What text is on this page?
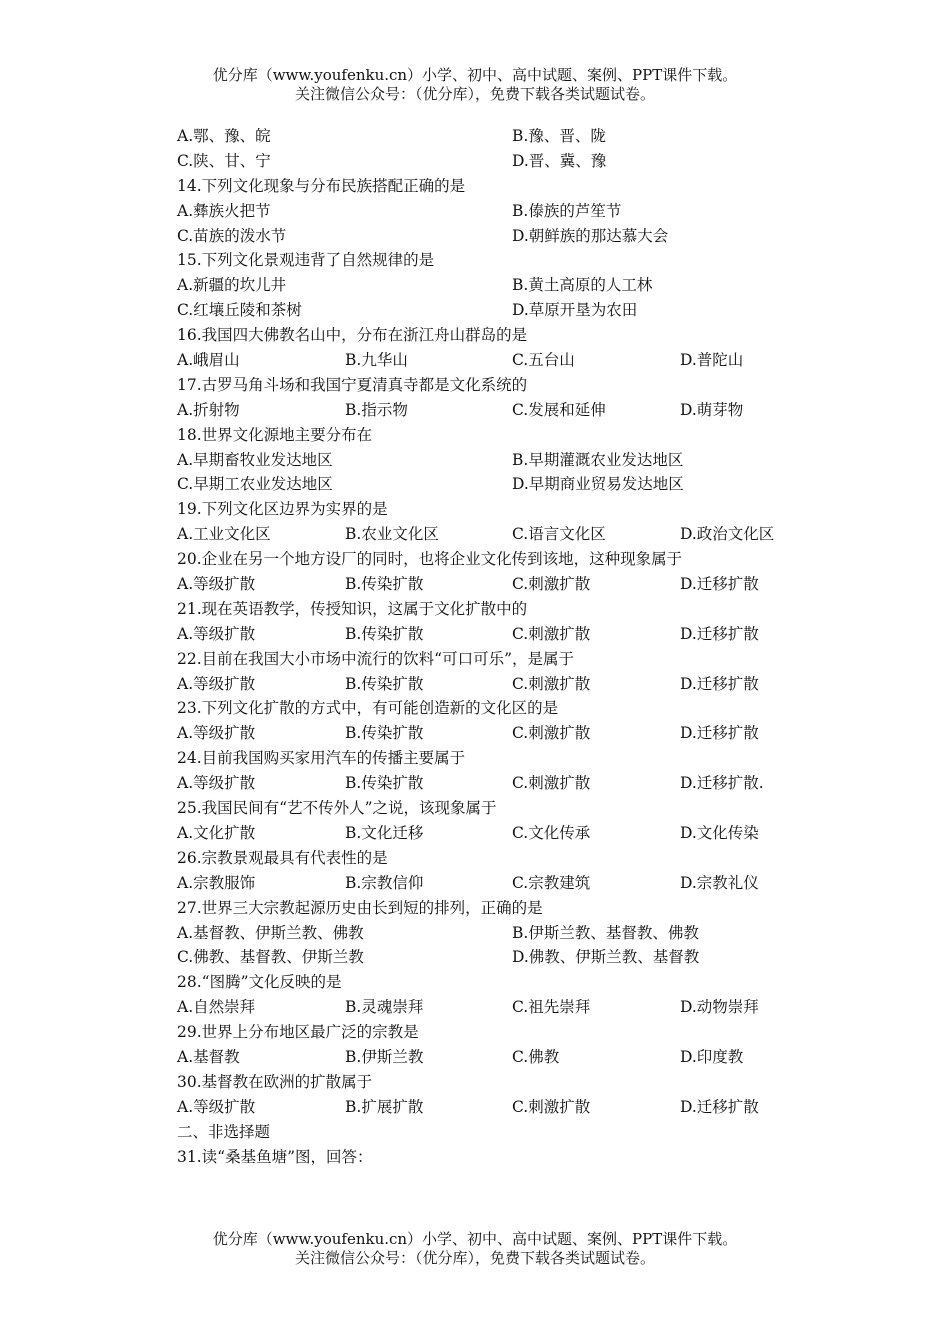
优分库（www.youfenku.cn）小学、初中、高中试题、案例、PPT课件下载。
关注微信公众号：（优分库），免费下载各类试题试卷。
A.鄂、豫、皖	B.豫、晋、陇
C.陕、甘、宁	D.晋、冀、豫
14.下列文化现象与分布民族搭配正确的是
A.彝族火把节	B.傣族的芦笙节
C.苗族的泼水节	D.朝鲜族的那达慕大会
15.下列文化景观违背了自然规律的是
A.新疆的坎儿井	B.黄土高原的人工林
C.红壤丘陵和茶树	D.草原开垦为农田
16.我国四大佛教名山中，分布在浙江舟山群岛的是
A.峨眉山	B.九华山	C.五台山	D.普陀山
17.古罗马角斗场和我国宁夏清真寺都是文化系统的
A.折射物	B.指示物	C.发展和延伸	D.萌芽物
18.世界文化源地主要分布在
A.早期畜牧业发达地区	B.早期灌溉农业发达地区
C.早期工农业发达地区	D.早期商业贸易发达地区
19.下列文化区边界为实界的是
A.工业文化区	B.农业文化区	C.语言文化区	D.政治文化区
20.企业在另一个地方设厂的同时，也将企业文化传到该地，这种现象属于
A.等级扩散	B.传染扩散	C.刺激扩散	D.迁移扩散
21.现在英语教学，传授知识，这属于文化扩散中的
A.等级扩散	B.传染扩散	C.刺激扩散	D.迁移扩散
22.目前在我国大小市场中流行的饮料“可口可乐”，是属于
A.等级扩散	B.传染扩散	C.刺激扩散	D.迁移扩散
23.下列文化扩散的方式中，有可能创造新的文化区的是
A.等级扩散	B.传染扩散	C.刺激扩散	D.迁移扩散
24.目前我国购买家用汽车的传播主要属于
A.等级扩散	B.传染扩散	C.刺激扩散	D.迁移扩散.
25.我国民间有“艺不传外人”之说，该现象属于
A.文化扩散	B.文化迁移	C.文化传承	D.文化传染
26.宗教景观最具有代表性的是
A.宗教服饰	B.宗教信仰	C.宗教建筑	D.宗教礼仪
27.世界三大宗教起源历史由长到短的排列，正确的是
A.基督教、伊斯兰教、佛教	B.伊斯兰教、基督教、佛教
C.佛教、基督教、伊斯兰教	D.佛教、伊斯兰教、基督教
28.“图腾”文化反映的是
A.自然崇拜	B.灵魂崇拜	C.祖先崇拜	D.动物崇拜
29.世界上分布地区最广泛的宗教是
A.基督教	B.伊斯兰教	C.佛教	D.印度教
30.基督教在欧洲的扩散属于
A.等级扩散	B.扩展扩散	C.刺激扩散	D.迁移扩散
二、非选择题
31.读“桑基鱼塘”图，回答：
优分库（www.youfenku.cn）小学、初中、高中试题、案例、PPT课件下载。
关注微信公众号：（优分库），免费下载各类试题试卷。
